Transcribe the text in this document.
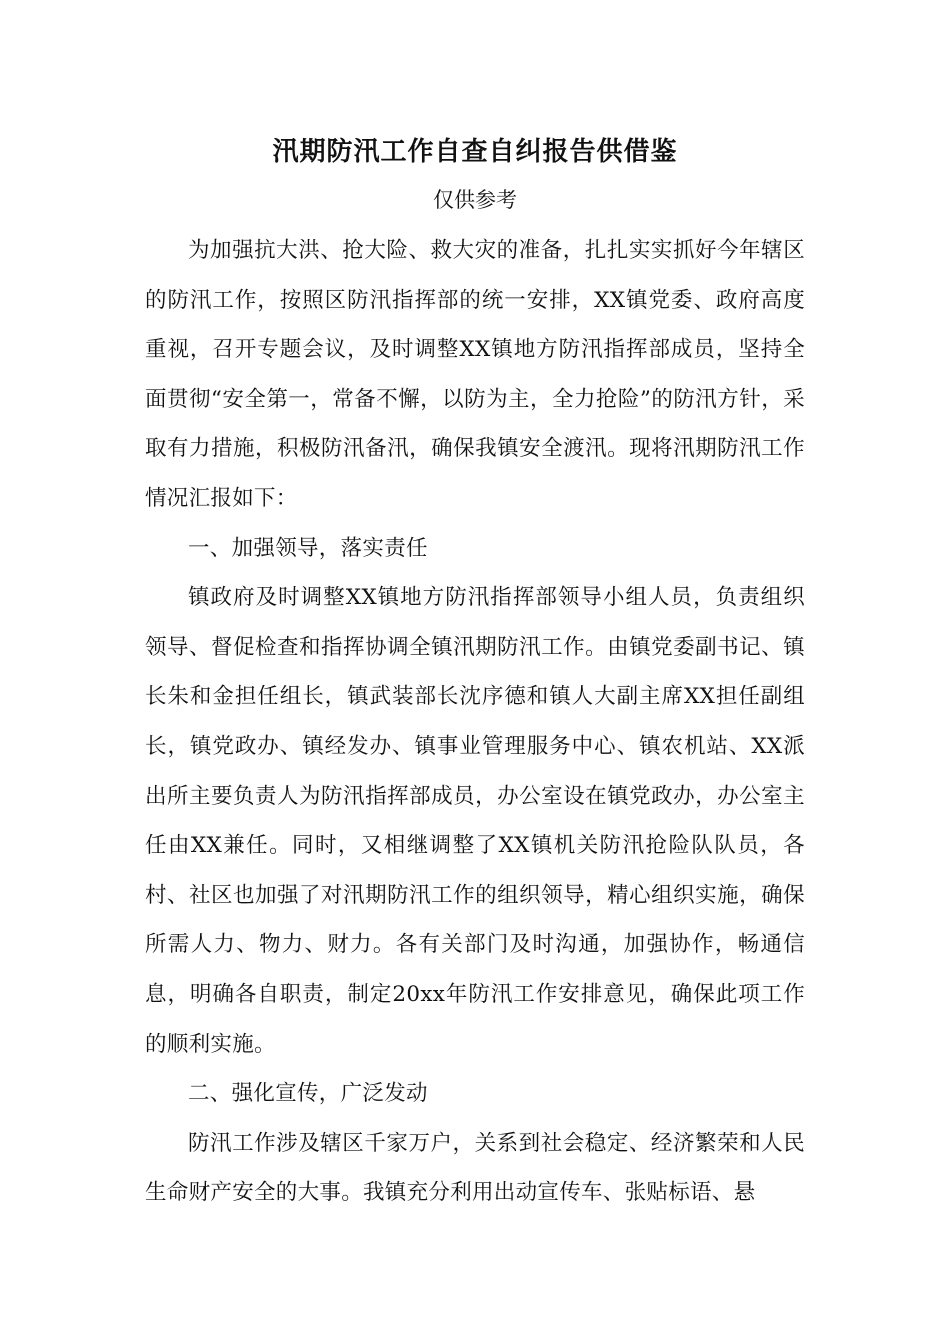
汛期防汛工作自查自纠报告供借鉴
仅供参考

为加强抗大洪、抢大险、救大灾的准备，扎扎实实抓好今年辖区的防汛工作，按照区防汛指挥部的统一安排，XX镇党委、政府高度重视，召开专题会议，及时调整XX镇地方防汛指挥部成员，坚持全面贯彻“安全第一，常备不懈，以防为主，全力抢险”的防汛方针，采取有力措施，积极防汛备汛，确保我镇安全渡汛。现将汛期防汛工作情况汇报如下：

一、加强领导，落实责任

镇政府及时调整XX镇地方防汛指挥部领导小组人员，负责组织领导、督促检查和指挥协调全镇汛期防汛工作。由镇党委副书记、镇长朱和金担任组长，镇武装部长沈序德和镇人大副主席XX担任副组长，镇党政办、镇经发办、镇事业管理服务中心、镇农机站、XX派出所主要负责人为防汛指挥部成员，办公室设在镇党政办，办公室主任由XX兼任。同时，又相继调整了XX镇机关防汛抢险队队员，各村、社区也加强了对汛期防汛工作的组织领导，精心组织实施，确保所需人力、物力、财力。各有关部门及时沟通，加强协作，畅通信息，明确各自职责，制定20xx年防汛工作安排意见，确保此项工作的顺利实施。

二、强化宣传，广泛发动

防汛工作涉及辖区千家万户，关系到社会稳定、经济繁荣和人民生命财产安全的大事。我镇充分利用出动宣传车、张贴标语、悬
